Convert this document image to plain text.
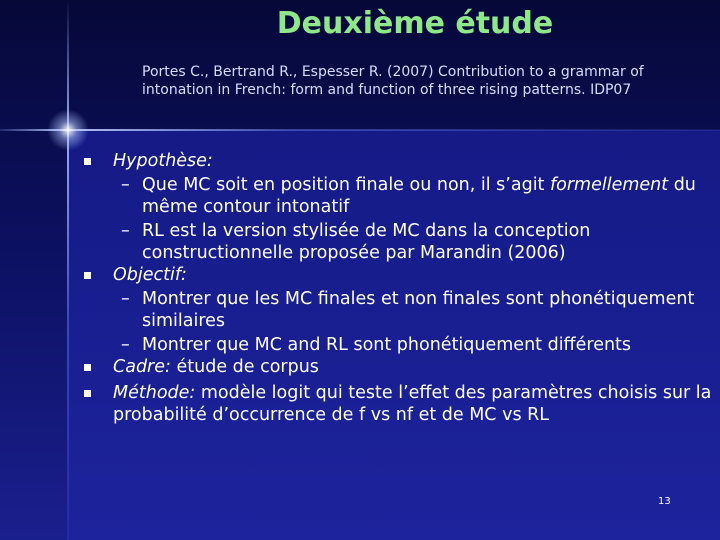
Deuxième étude
Portes C., Bertrand R., Espesser R. (2007) Contribution to a grammar of intonation in French: form and function of three rising patterns. IDP07
Hypothèse:
– Que MC soit en position finale ou non, il s’agit formellement du même contour intonatif
– RL est la version stylisée de MC dans la conception constructionnelle proposée par Marandin (2006)
Objectif:
– Montrer que les MC finales et non finales sont phonétiquement similaires
– Montrer que MC and RL sont phonétiquement différents
Cadre: étude de corpus
Méthode: modèle logit qui teste l’effet des paramètres choisis sur la probabilité d’occurrence de f vs nf et de MC vs RL
13
